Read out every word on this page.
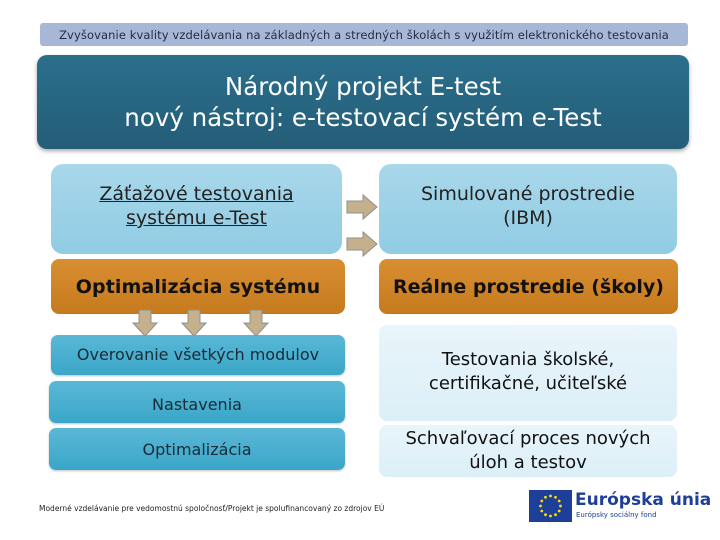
Zvyšovanie kvality vzdelávania na základných a stredných školách s využitím elektronického testovania
Národný projekt E-test
nový nástroj: e-testovací systém e-Test
Záťažové testovania
systému e-Test
Simulované prostredie
(IBM)
Optimalizácia systému	Reálne prostredie (školy)
Overovanie všetkých modulov
Nastavenia
Optimalizácia
Testovania školské,
certifikačné, učiteľské
Schvaľovací proces nových
úloh a testov
Moderné vzdelávanie pre vedomostnú spoločnosť/Projekt je spolufinancovaný zo zdrojov EÚ	Európska únia
Európsky sociálny fond
